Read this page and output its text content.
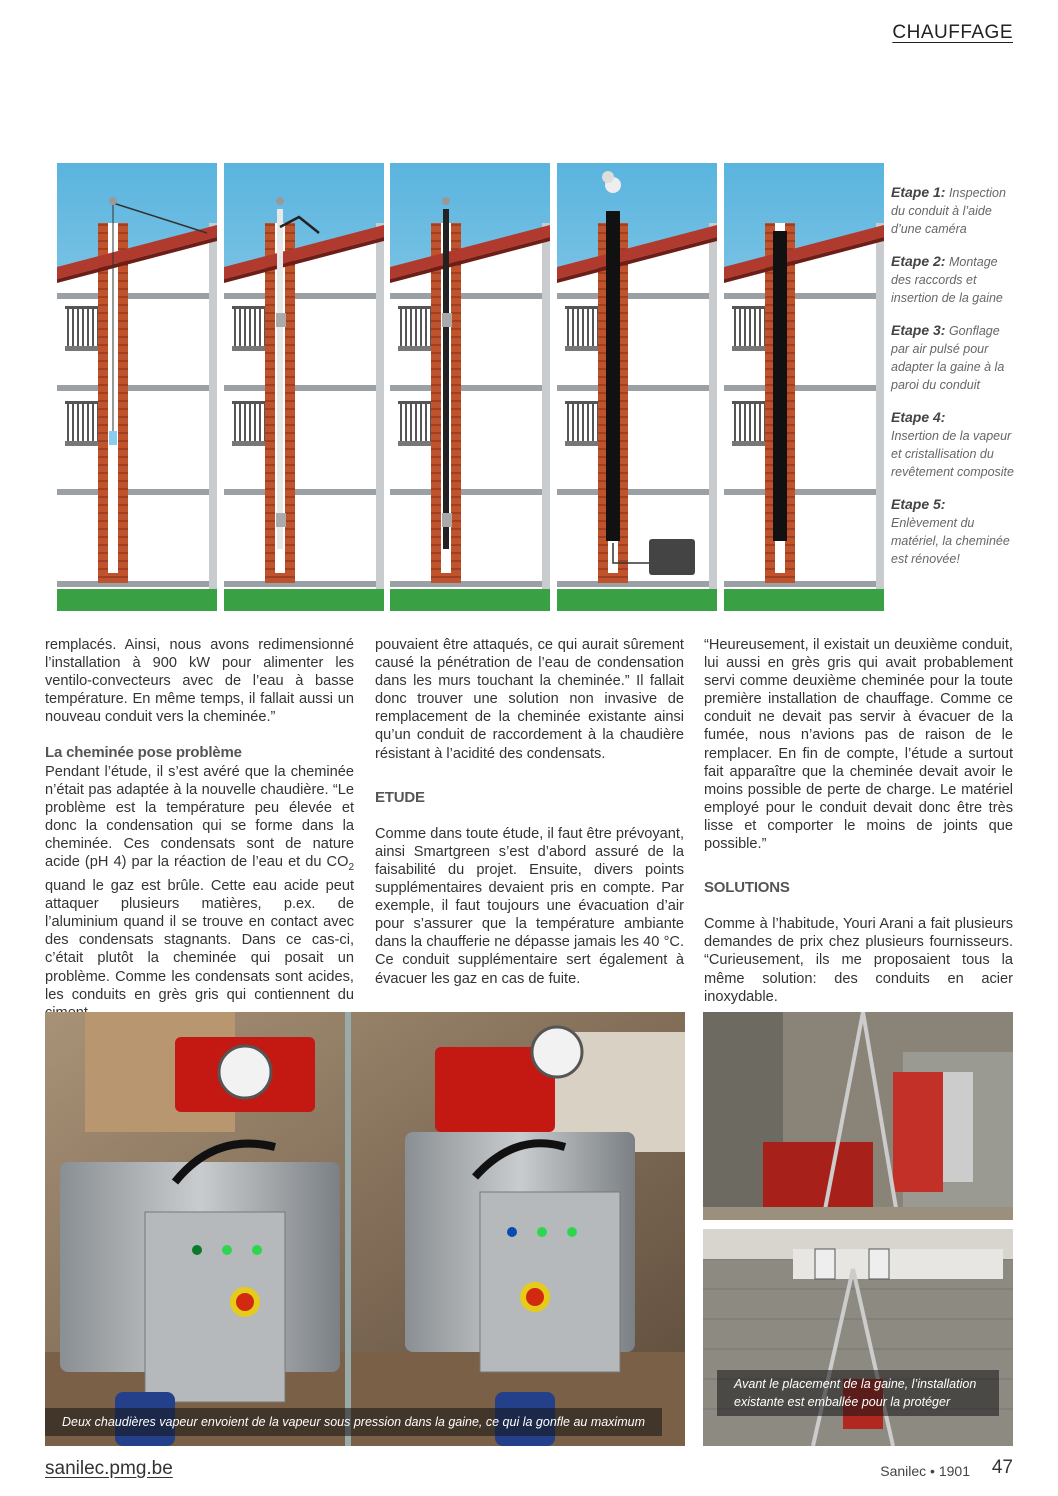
CHAUFFAGE
Etape 1: Inspection du conduit à l’aide d’une caméra
Etape 2: Montage des raccords et insertion de la gaine
Etape 3: Gonflage par air pulsé pour adapter la gaine à la paroi du conduit
Etape 4:
Insertion de la vapeur et cristallisation du revêtement composite
Etape 5:
Enlèvement du matériel, la cheminée est rénovée!

remplacés. Ainsi, nous avons redimensionné l’installation à 900 kW pour alimenter les ventilo-convecteurs avec de l’eau à basse température. En même temps, il fallait aussi un nouveau conduit vers la cheminée.”

La cheminée pose problème

Pendant l’étude, il s’est avéré que la cheminée n’était pas adaptée à la nouvelle chaudière. “Le problème est la température peu élevée et donc la condensation qui se forme dans la cheminée. Ces condensats sont de nature acide (pH 4) par la réaction de l’eau et du $CO_2$ quand le gaz est brûle. Cette eau acide peut attaquer plusieurs matières, p.ex. de l’aluminium quand il se trouve en contact avec des condensats stagnants. Dans ce cas-ci, c’était plutôt la cheminée qui posait un problème. Comme les condensats sont acides, les conduits en grès gris qui contiennent du

pouvaient être attaqués, ce qui aurait sûrement causé la pénétration de l’eau de condensation dans les murs touchant la cheminée.” Il fallait donc trouver une solution non invasive de remplacement de la cheminée existante ainsi qu’un conduit de raccordement à la chaudière résistant à l’acidité des condensats.

ETUDE

Comme dans toute étude, il faut être prévoyant, ainsi Smartgreen s’est d’abord assuré de la faisabilité du projet. Ensuite, divers points supplémentaires devaient pris en compte. Par exemple, il faut toujours une évacuation d’air pour s’assurer que la température ambiante dans la chaufferie ne dépasse jamais les 40 °C. Ce conduit supplémentaire sert également à évacuer les gaz en cas de fuite.

“Heureusement, il existait un deuxième conduit, lui aussi en grès gris qui avait probablement servi comme deuxième cheminée pour la toute première installation de chauffage. Comme ce conduit ne devait pas servir à évacuer de la fumée, nous n’avions pas de raison de le remplacer. En fin de compte, l’étude a surtout fait apparaître que la cheminée devait avoir le moins possible de perte de charge. Le matériel employé pour le conduit devait donc être très lisse et comporter le moins de joints que possible.”

SOLUTIONS

Comme à l’habitude, Youri Arani a fait plusieurs demandes de prix chez plusieurs fournisseurs. “Curieusement, ils me proposaient tous la même solution: des conduits en acier inoxydable.

Deux chaudières vapeur envoient de la vapeur sous pression dans la gaine, ce qui la gonfle au maximum
Avant le placement de la gaine, l’installation existante est emballée pour la protéger
sanilec.pmg.be	Sanilec • 1901 47
